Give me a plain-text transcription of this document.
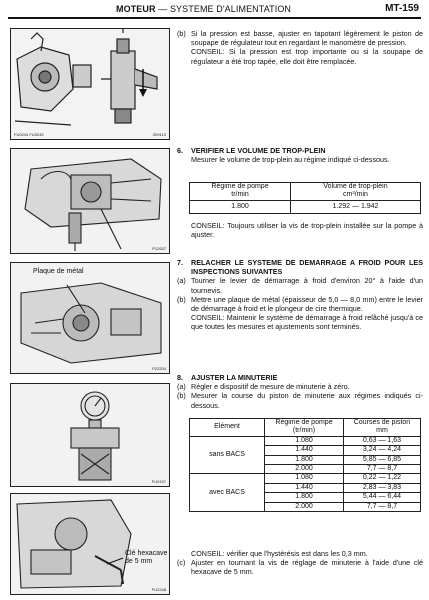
MOTEUR — SYSTEME D'ALIMENTATION	MT-159
FU0244 FU0245	Z09113
P12637
Plaque de métal
P22204
FU0197
Clé hexacave de 5 mm
FU2248
(b) Si la pression est basse, ajuster en tapotant légèrement le piston de soupape de régulateur tout en regardant le manomètre de pression.

CONSEIL: Si la pression est trop importante ou si la soupape de régulateur a été trop tapée, elle doit être remplacée.

6.	VERIFIER LE VOLUME DE TROP-PLEIN

Mesurer le volume de trop-plein au régime indiqué ci-dessous.

Régime de pompe
tr/min	Volume de trop-plein
cm³/min
1.800	1.292 — 1.942

CONSEIL: Toujours utiliser la vis de trop-plein installée sur la pompe à ajuster.

7.	RELACHER LE SYSTEME DE DEMARRAGE A FROID POUR LES INSPECTIONS SUIVANTES

(a) Tourner le levier de démarrage à froid d'environ 20° à l'aide d'un tournevis.

(b) Mettre une plaque de métal (épaisseur de 5,0 — 8,0 mm) entre le levier de démarrage à froid et le plongeur de cire thermique.

CONSEIL: Maintenir le système de démarrage à froid relâché jusqu'à ce que toutes les mesures et ajustements sont terminés.

8.	AJUSTER LA MINUTERIE

(a) Régler e dispositif de mesure de minuterie à zéro.

(b) Mesurer la course du piston de minuterie aux régimes indiqués ci-dessous.

Elément	Régime de pompe
(tr/min)	Courses de piston
mm
sans BACS	1.080	0,63 — 1,63
	1.440	3,24 — 4,24
	1.800	5,85 — 6,85
	2.000	7,7 — 8,7
avec BACS	1.080	0,22 — 1,22
	1.440	2,83 — 3,83
	1.800	5,44 — 6,44
	2.000	7,7 — 8,7

CONSEIL: vérifier que l'hystérésis est dans les 0,3 mm.

(c) Ajuster en tournant la vis de réglage de minuterie à l'aide d'une clé hexacave de 5 mm.
